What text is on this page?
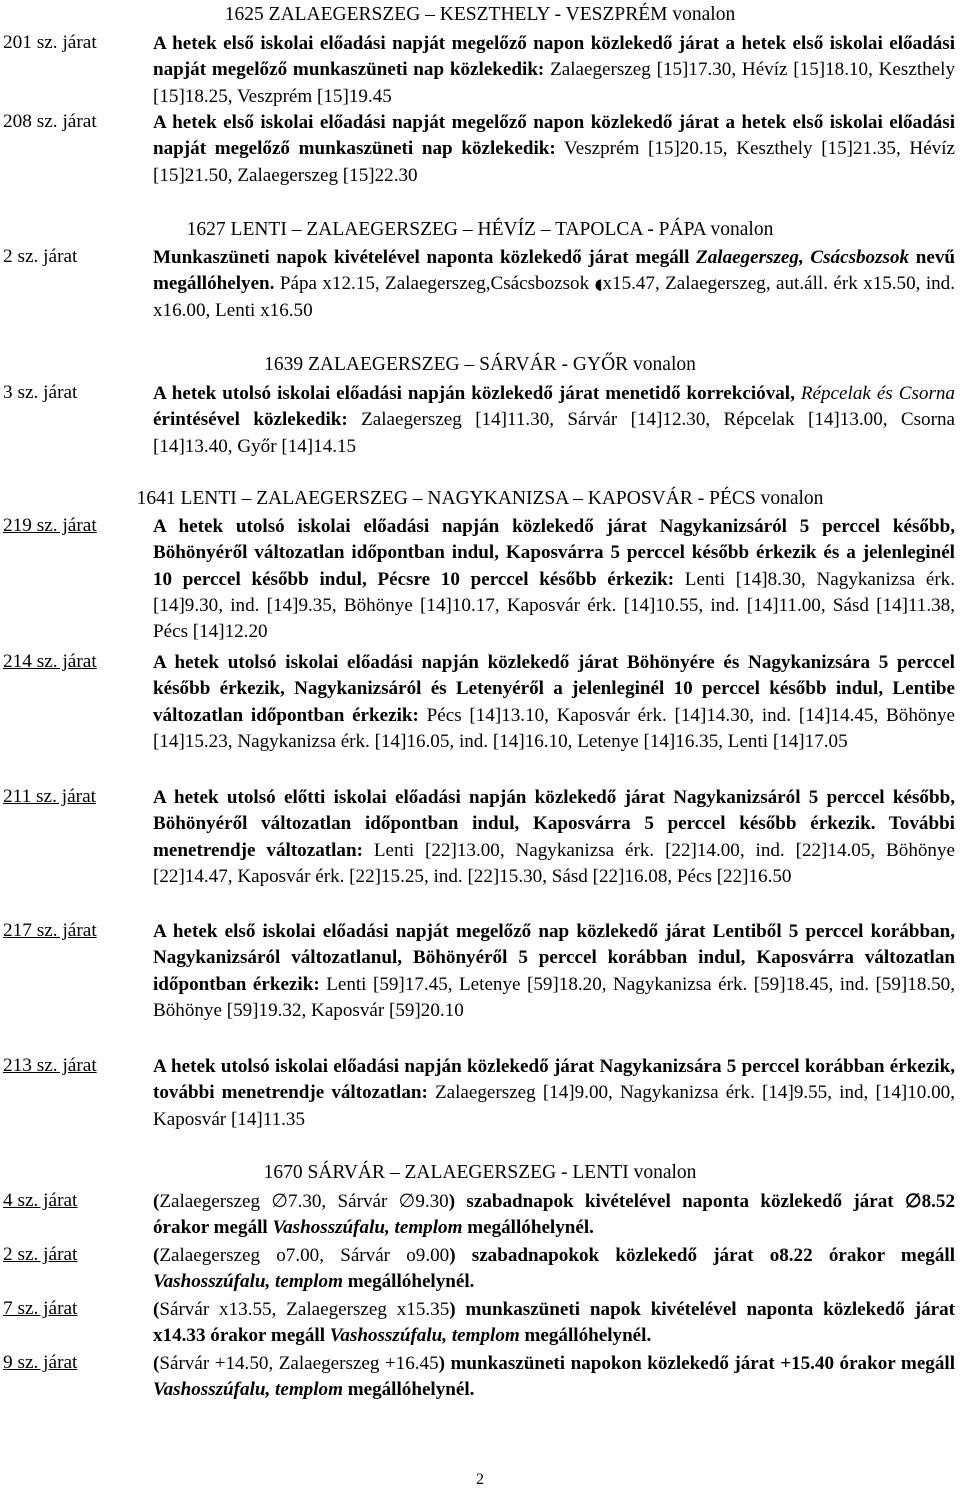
1625 ZALAEGERSZEG – KESZTHELY - VESZPRÉM vonalon
201 sz. járat	A hetek első iskolai előadási napját megelőző napon közlekedő járat a hetek első iskolai előadási napját megelőző munkaszüneti nap közlekedik: Zalaegerszeg [15]17.30, Hévíz [15]18.10, Keszthely [15]18.25, Veszprém [15]19.45
208 sz. járat	A hetek első iskolai előadási napját megelőző napon közlekedő járat a hetek első iskolai előadási napját megelőző munkaszüneti nap közlekedik: Veszprém [15]20.15, Keszthely [15]21.35, Hévíz [15]21.50, Zalaegerszeg [15]22.30
1627 LENTI – ZALAEGERSZEG – HÉVÍZ – TAPOLCA - PÁPA vonalon
2 sz. járat	Munkaszüneti napok kivételével naponta közlekedő járat megáll Zalaegerszeg, Csácsbozsok nevű megállóhelyen. Pápa x12.15, Zalaegerszeg,Csácsbozsok ◖x15.47, Zalaegerszeg, aut.áll. érk x15.50, ind. x16.00, Lenti x16.50
1639 ZALAEGERSZEG – SÁRVÁR - GYŐR vonalon
3 sz. járat	A hetek utolsó iskolai előadási napján közlekedő járat menetidő korrekcióval, Répcelak és Csorna érintésével közlekedik: Zalaegerszeg [14]11.30, Sárvár [14]12.30, Répcelak [14]13.00, Csorna [14]13.40, Győr [14]14.15
1641 LENTI – ZALAEGERSZEG – NAGYKANIZSA – KAPOSVÁR - PÉCS vonalon
219 sz. járat	A hetek utolsó iskolai előadási napján közlekedő járat Nagykanizsáról 5 perccel később, Böhönyéről változatlan időpontban indul, Kaposvárra 5 perccel később érkezik és a jelenleginél 10 perccel később indul, Pécsre 10 perccel később érkezik: Lenti [14]8.30, Nagykanizsa érk. [14]9.30, ind. [14]9.35, Böhönye [14]10.17, Kaposvár érk. [14]10.55, ind. [14]11.00, Sásd [14]11.38, Pécs [14]12.20
214 sz. járat	A hetek utolsó iskolai előadási napján közlekedő járat Böhönyére és Nagykanizsára 5 perccel később érkezik, Nagykanizsáról és Letenyéről a jelenleginél 10 perccel később indul, Lentibe változatlan időpontban érkezik: Pécs [14]13.10, Kaposvár érk. [14]14.30, ind. [14]14.45, Böhönye [14]15.23, Nagykanizsa érk. [14]16.05, ind. [14]16.10, Letenye [14]16.35, Lenti [14]17.05
211 sz. járat	A hetek utolsó előtti iskolai előadási napján közlekedő járat Nagykanizsáról 5 perccel később, Böhönyéről változatlan időpontban indul, Kaposvárra 5 perccel később érkezik. További menetrendje változatlan: Lenti [22]13.00, Nagykanizsa érk. [22]14.00, ind. [22]14.05, Böhönye [22]14.47, Kaposvár érk. [22]15.25, ind. [22]15.30, Sásd [22]16.08, Pécs [22]16.50
217 sz. járat	A hetek első iskolai előadási napját megelőző nap közlekedő járat Lentiből 5 perccel korábban, Nagykanizsáról változatlanul, Böhönyéről 5 perccel korábban indul, Kaposvárra változatlan időpontban érkezik: Lenti [59]17.45, Letenye [59]18.20, Nagykanizsa érk. [59]18.45, ind. [59]18.50, Böhönye [59]19.32, Kaposvár [59]20.10
213 sz. járat	A hetek utolsó iskolai előadási napján közlekedő járat Nagykanizsára 5 perccel korábban érkezik, további menetrendje változatlan: Zalaegerszeg [14]9.00, Nagykanizsa érk. [14]9.55, ind, [14]10.00, Kaposvár [14]11.35
1670 SÁRVÁR – ZALAEGERSZEG - LENTI vonalon
4 sz. járat	(Zalaegerszeg ∅7.30, Sárvár ∅9.30) szabadnapok kivételével naponta közlekedő járat ∅8.52 órakor megáll Vashosszúfalu, templom megállóhelynél.
2 sz. járat	(Zalaegerszeg o7.00, Sárvár o9.00) szabadnapokok közlekedő járat o8.22 órakor megáll Vashosszúfalu, templom megállóhelynél.
7 sz. járat	(Sárvár x13.55, Zalaegerszeg x15.35) munkaszüneti napok kivételével naponta közlekedő járat x14.33 órakor megáll Vashosszúfalu, templom megállóhelynél.
9 sz. járat	(Sárvár +14.50, Zalaegerszeg +16.45) munkaszüneti napokon közlekedő járat +15.40 órakor megáll Vashosszúfalu, templom megállóhelynél.
2
